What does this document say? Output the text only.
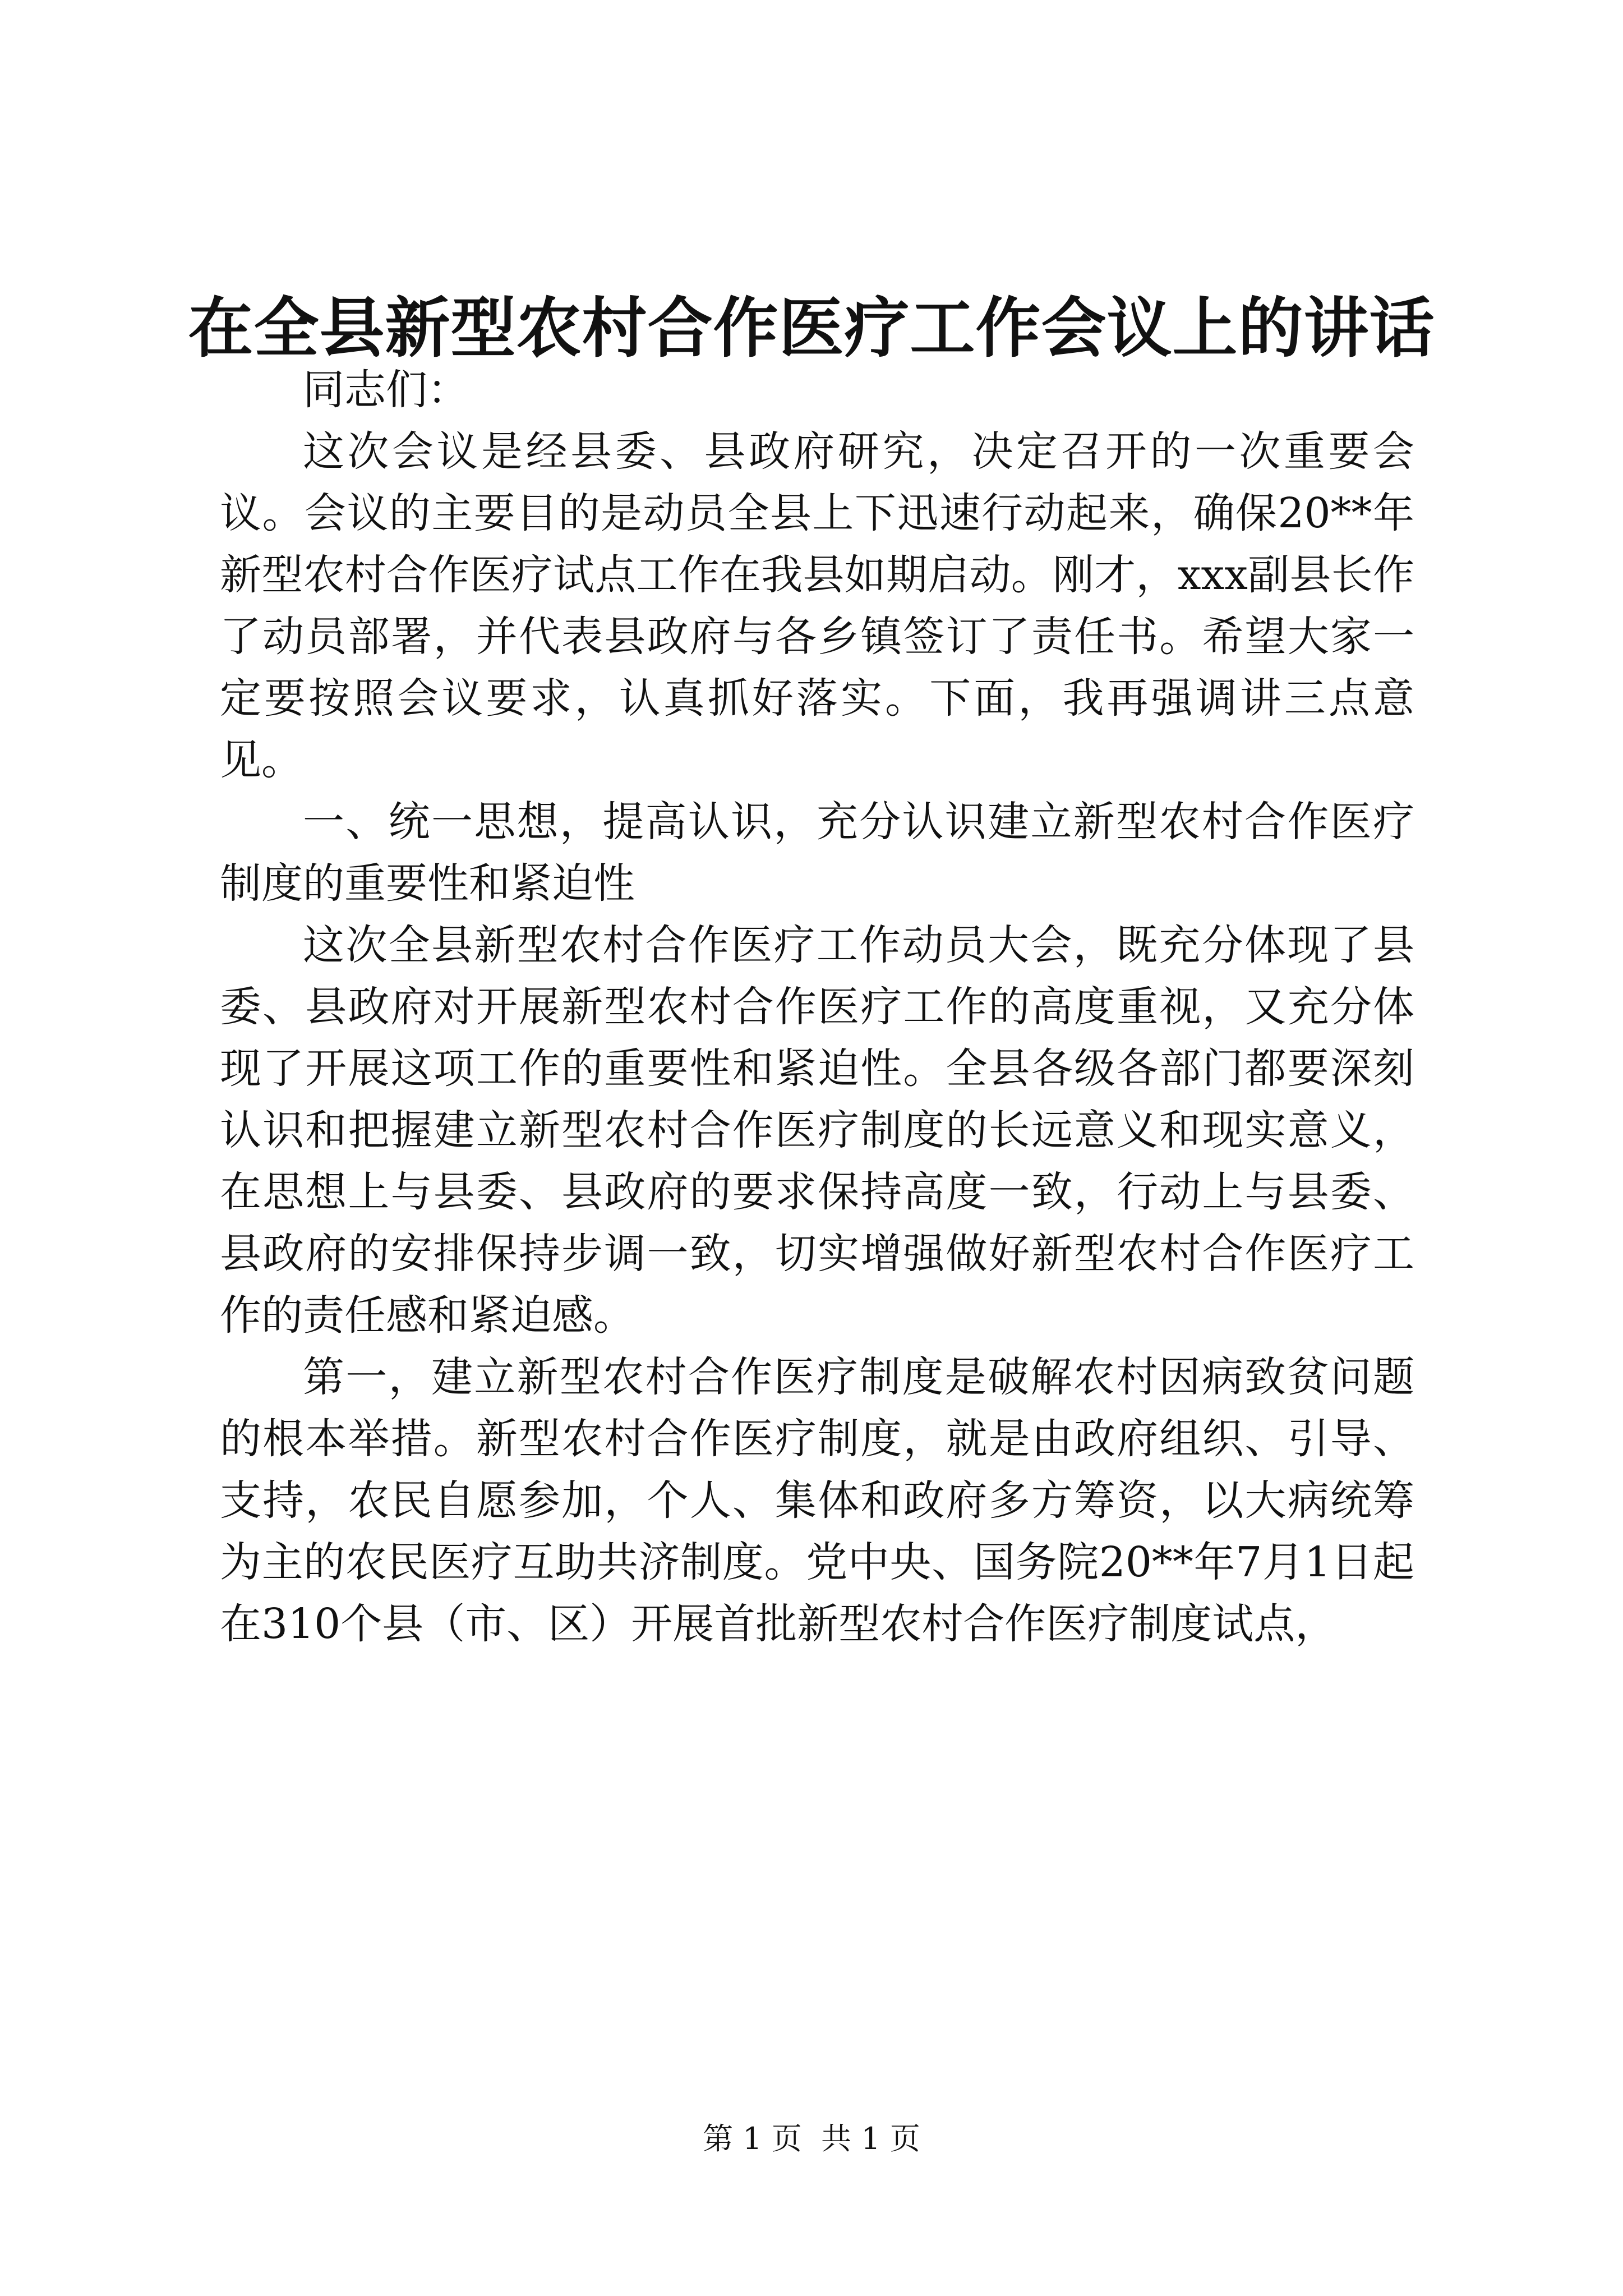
在全县新型农村合作医疗工作会议上的讲话

同志们：

这次会议是经县委、县政府研究，决定召开的一次重要会议。会议的主要目的是动员全县上下迅速行动起来，确保20**年新型农村合作医疗试点工作在我县如期启动。刚才，xxx副县长作了动员部署，并代表县政府与各乡镇签订了责任书。希望大家一定要按照会议要求，认真抓好落实。下面，我再强调讲三点意见。

一、统一思想，提高认识，充分认识建立新型农村合作医疗制度的重要性和紧迫性

这次全县新型农村合作医疗工作动员大会，既充分体现了县委、县政府对开展新型农村合作医疗工作的高度重视，又充分体现了开展这项工作的重要性和紧迫性。全县各级各部门都要深刻认识和把握建立新型农村合作医疗制度的长远意义和现实意义，在思想上与县委、县政府的要求保持高度一致，行动上与县委、县政府的安排保持步调一致，切实增强做好新型农村合作医疗工作的责任感和紧迫感。

第一，建立新型农村合作医疗制度是破解农村因病致贫问题的根本举措。新型农村合作医疗制度，就是由政府组织、引导、支持，农民自愿参加，个人、集体和政府多方筹资，以大病统筹为主的农民医疗互助共济制度。党中央、国务院20**年7月1日起在310个县（市、区）开展首批新型农村合作医疗制度试点，

第 1 页  共 1 页
